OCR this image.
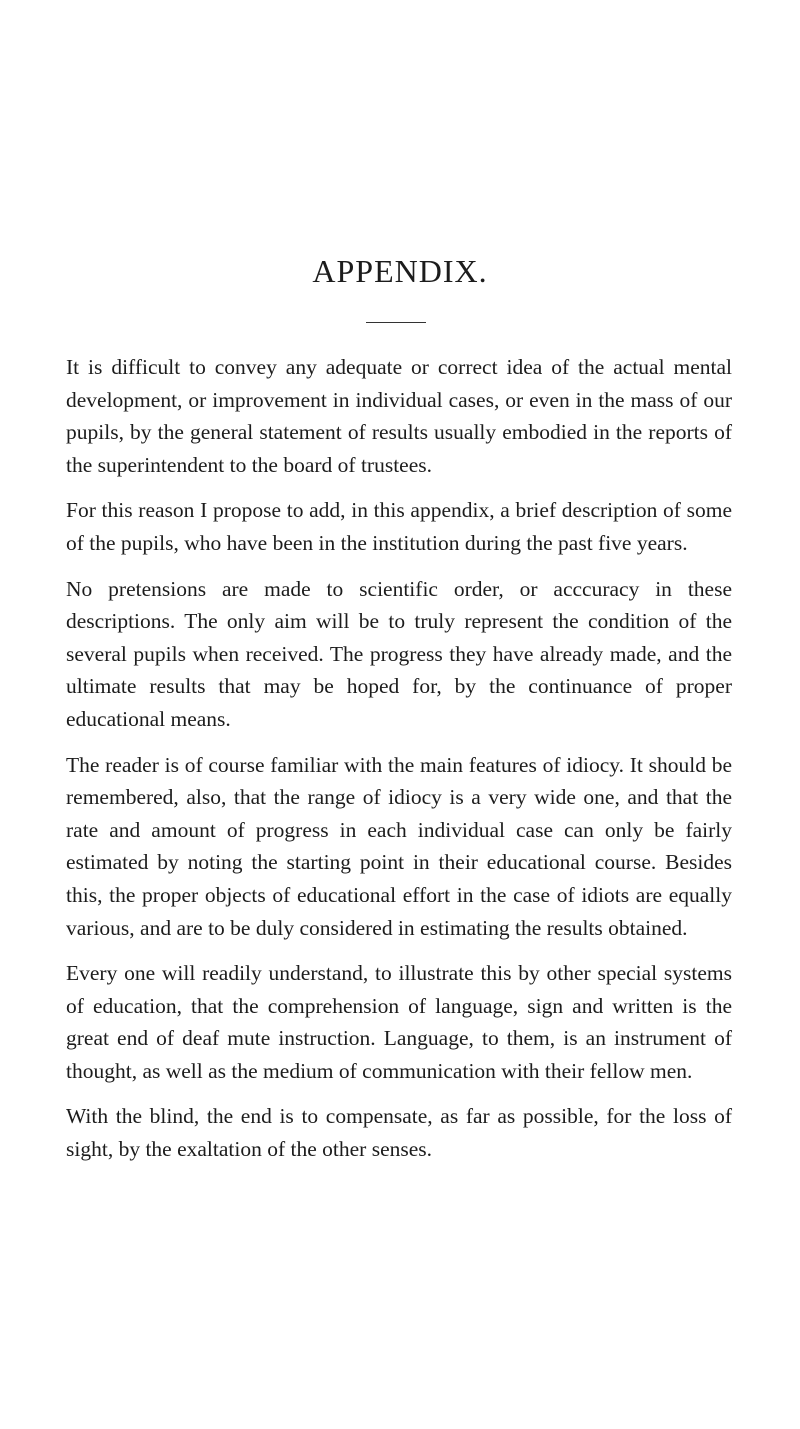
APPENDIX.

It is difficult to convey any adequate or correct idea of the actual mental development, or improvement in individual cases, or even in the mass of our pupils, by the general statement of results usually embodied in the reports of the superintendent to the board of trustees.

For this reason I propose to add, in this appendix, a brief description of some of the pupils, who have been in the institution during the past five years.

No pretensions are made to scientific order, or acccuracy in these descriptions. The only aim will be to truly represent the condition of the several pupils when received. The progress they have already made, and the ultimate results that may be hoped for, by the continuance of proper educational means.

The reader is of course familiar with the main features of idiocy. It should be remembered, also, that the range of idiocy is a very wide one, and that the rate and amount of progress in each individual case can only be fairly estimated by noting the starting point in their educational course. Besides this, the proper objects of educational effort in the case of idiots are equally various, and are to be duly considered in estimating the results obtained.

Every one will readily understand, to illustrate this by other special systems of education, that the comprehension of language, sign and written is the great end of deaf mute instruction. Language, to them, is an instrument of thought, as well as the medium of communication with their fellow men.

With the blind, the end is to compensate, as far as possible, for the loss of sight, by the exaltation of the other senses.
